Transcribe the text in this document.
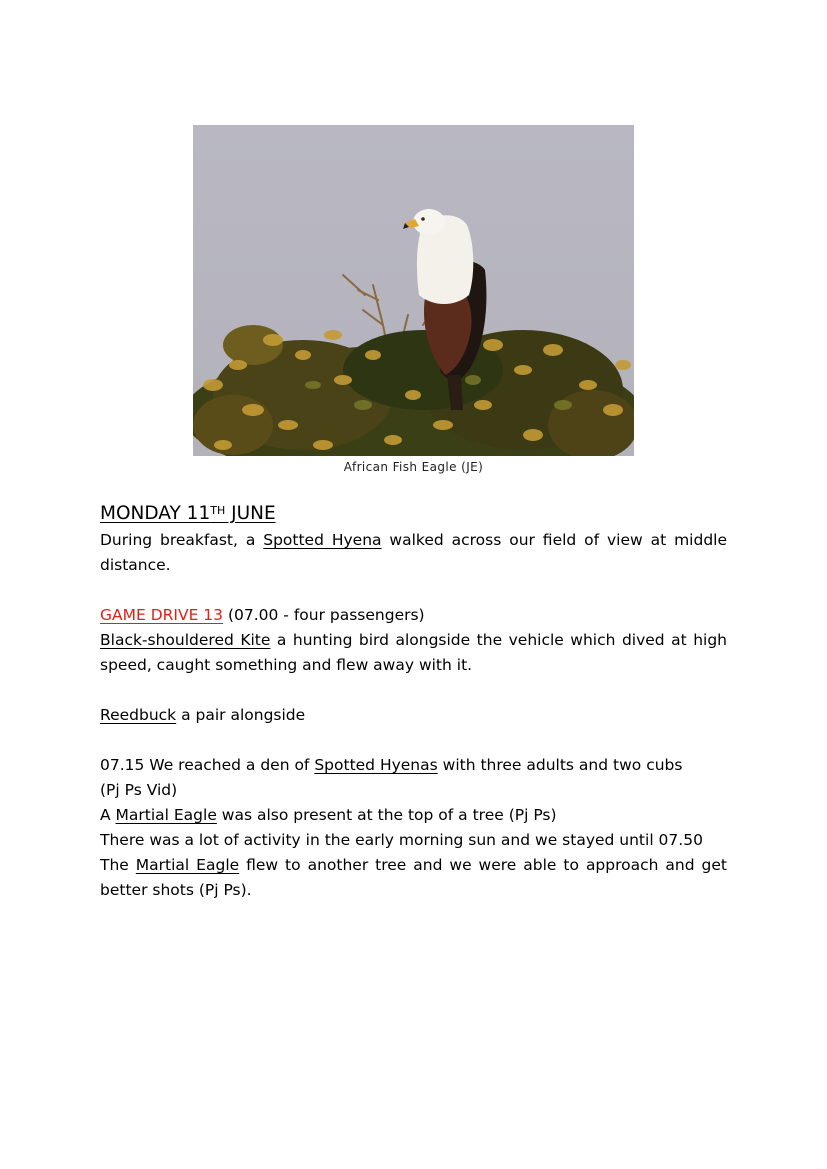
African Fish Eagle (JE)

MONDAY 11TH JUNE

During breakfast, a Spotted Hyena walked across our field of view at middle distance.

GAME DRIVE 13 (07.00 - four passengers)

Black-shouldered Kite a hunting bird alongside the vehicle which dived at high speed, caught something and flew away with it.

Reedbuck a pair alongside

07.15 We reached a den of Spotted Hyenas with three adults and two cubs

(Pj Ps Vid)

A Martial Eagle was also present at the top of a tree (Pj Ps)

There was a lot of activity in the early morning sun and we stayed until 07.50

The Martial Eagle flew to another tree and we were able to approach and get better shots (Pj Ps).
